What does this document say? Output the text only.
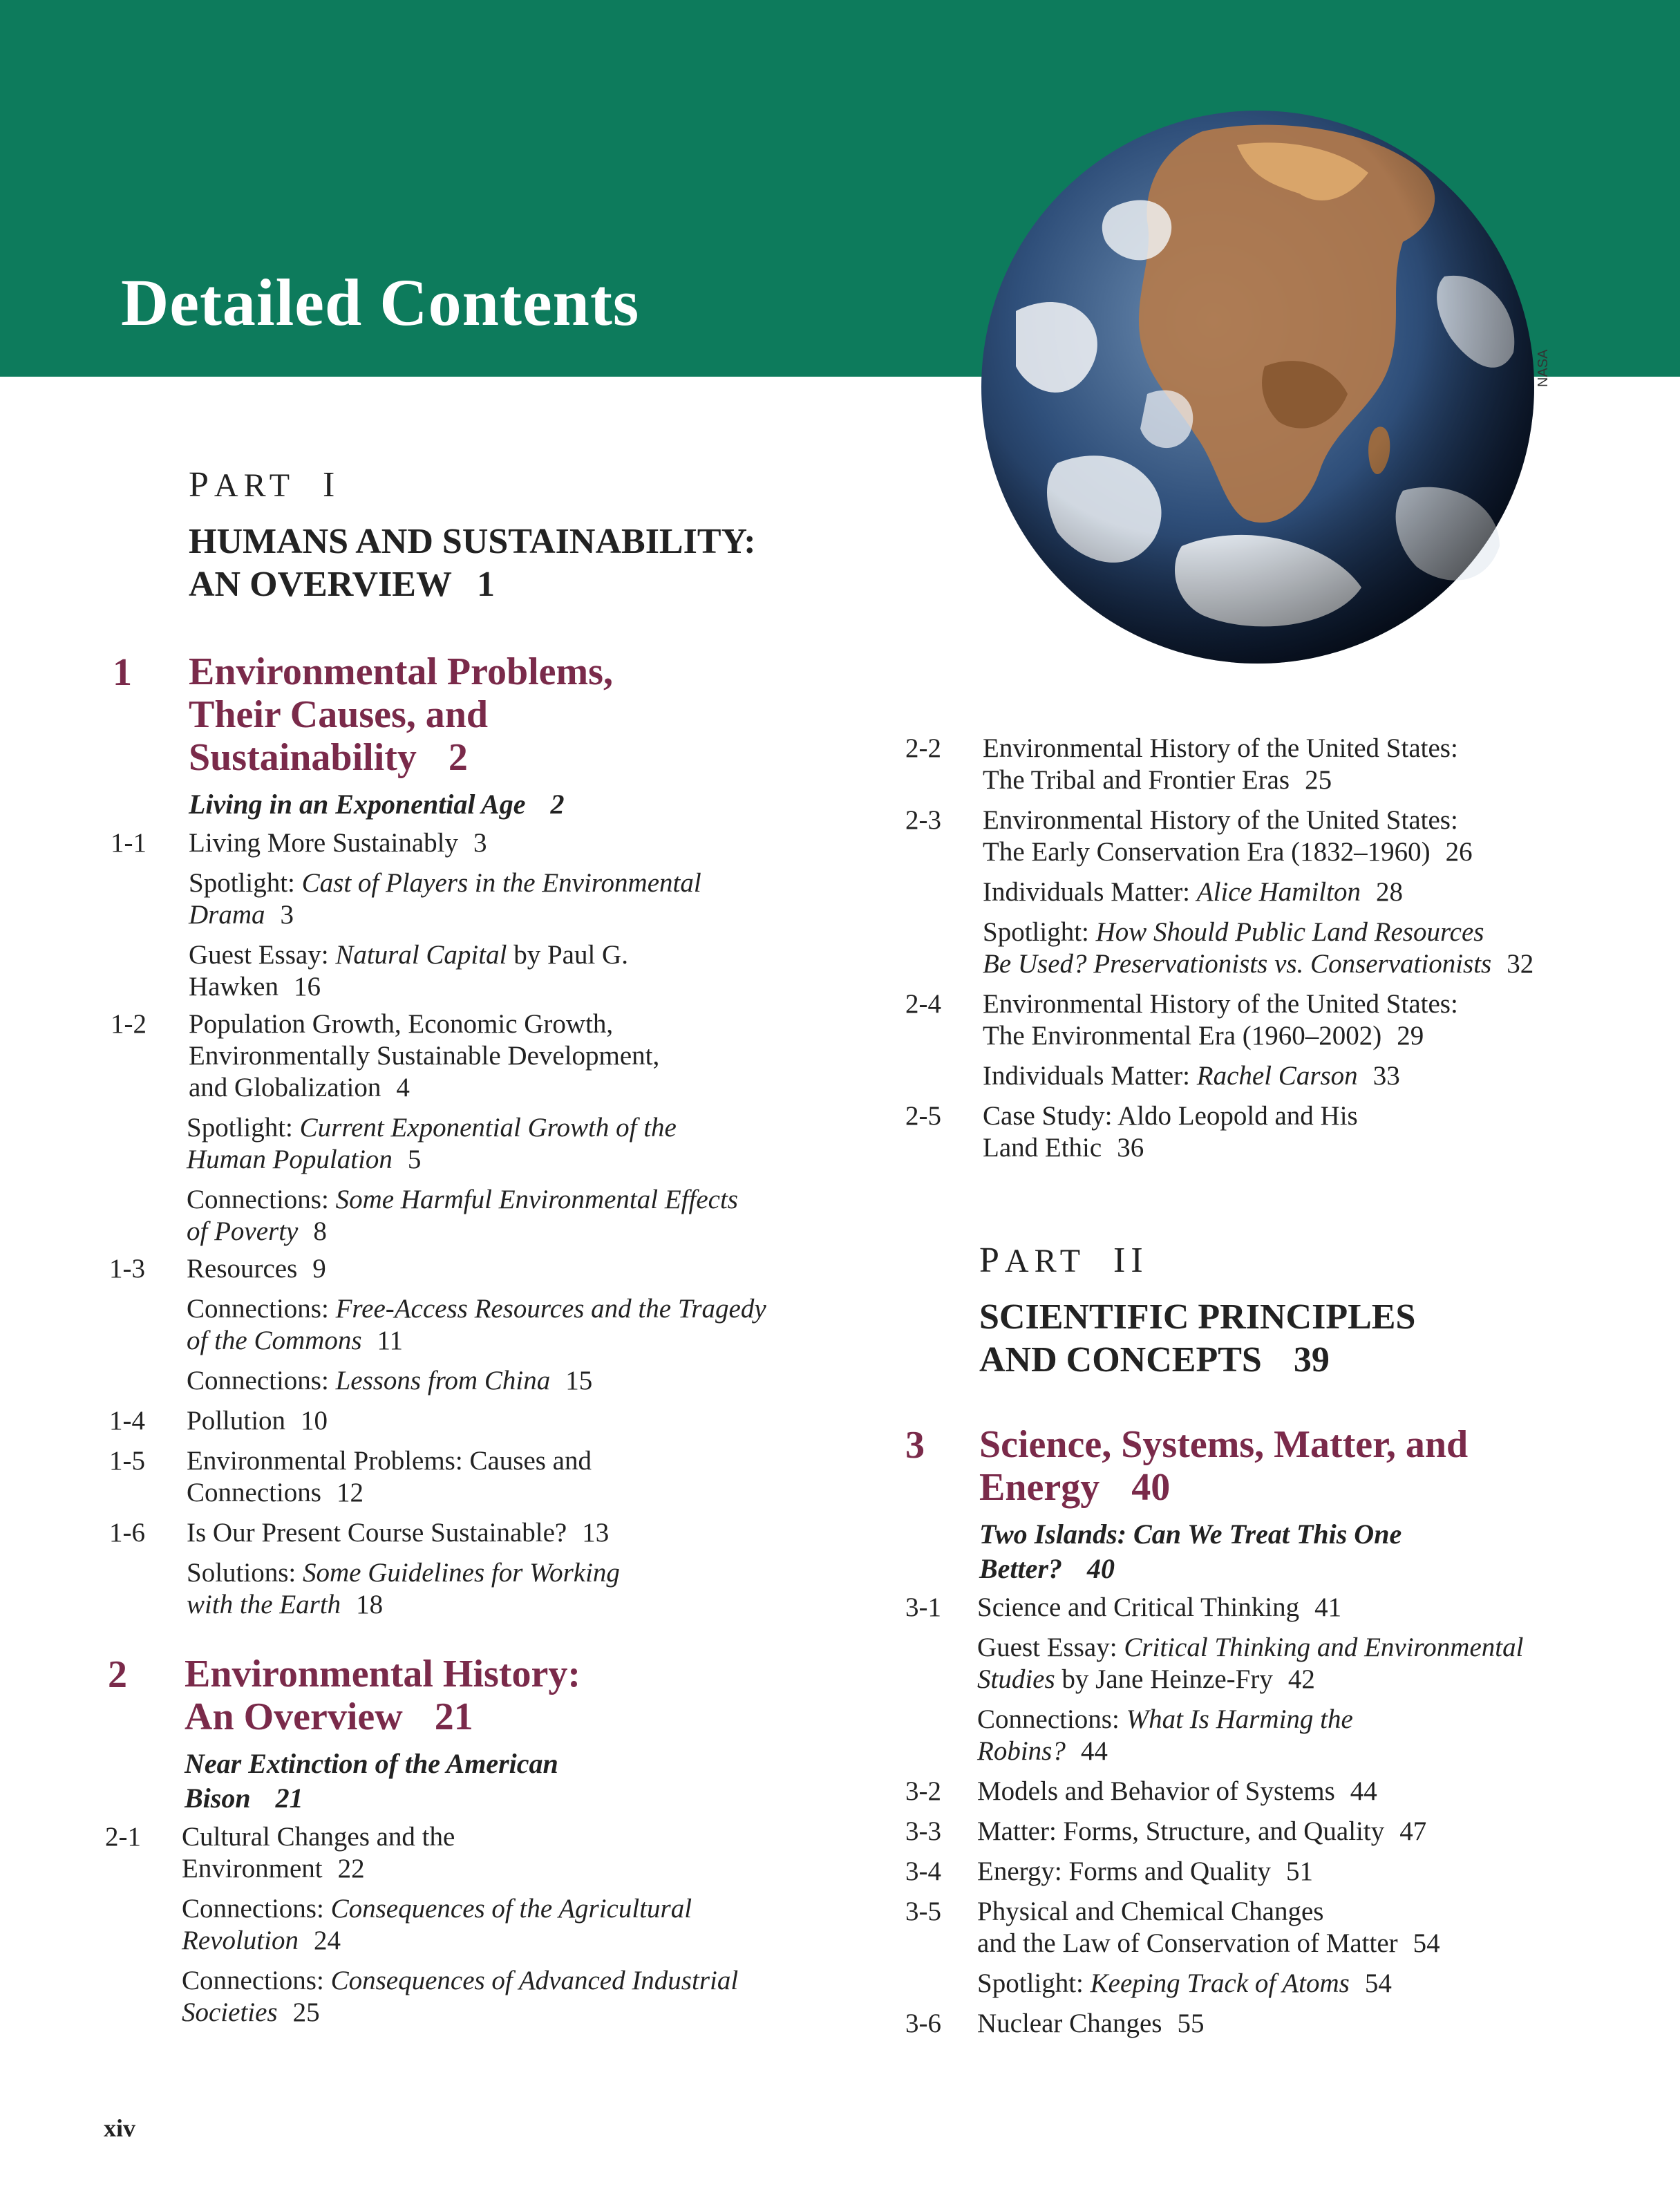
Detailed Contents
NASA
PART I
HUMANS AND SUSTAINABILITY:
AN OVERVIEW 1
1 Environmental Problems,
Their Causes, and
Sustainability 2
Living in an Exponential Age 2
1-1 Living More Sustainably 3
Spotlight: Cast of Players in the Environmental
Drama 3
Guest Essay: Natural Capital by Paul G.
Hawken 16
1-2 Population Growth, Economic Growth,
Environmentally Sustainable Development,
and Globalization 4
Spotlight: Current Exponential Growth of the
Human Population 5
Connections: Some Harmful Environmental Effects
of Poverty 8
1-3 Resources 9
Connections: Free-Access Resources and the Tragedy
of the Commons 11
Connections: Lessons from China 15
1-4 Pollution 10
1-5 Environmental Problems: Causes and
Connections 12
1-6 Is Our Present Course Sustainable? 13
Solutions: Some Guidelines for Working
with the Earth 18
2 Environmental History:
An Overview 21
Near Extinction of the American
Bison 21
2-1 Cultural Changes and the
Environment 22
Connections: Consequences of the Agricultural
Revolution 24
Connections: Consequences of Advanced Industrial
Societies 25
2-2 Environmental History of the United States:
The Tribal and Frontier Eras 25
2-3 Environmental History of the United States:
The Early Conservation Era (1832–1960) 26
Individuals Matter: Alice Hamilton 28
Spotlight: How Should Public Land Resources
Be Used? Preservationists vs. Conservationists 32
2-4 Environmental History of the United States:
The Environmental Era (1960–2002) 29
Individuals Matter: Rachel Carson 33
2-5 Case Study: Aldo Leopold and His
Land Ethic 36
PART II
SCIENTIFIC PRINCIPLES
AND CONCEPTS 39
3 Science, Systems, Matter, and
Energy 40
Two Islands: Can We Treat This One
Better? 40
3-1 Science and Critical Thinking 41
Guest Essay: Critical Thinking and Environmental
Studies by Jane Heinze-Fry 42
Connections: What Is Harming the
Robins? 44
3-2 Models and Behavior of Systems 44
3-3 Matter: Forms, Structure, and Quality 47
3-4 Energy: Forms and Quality 51
3-5 Physical and Chemical Changes
and the Law of Conservation of Matter 54
Spotlight: Keeping Track of Atoms 54
3-6 Nuclear Changes 55
xiv
